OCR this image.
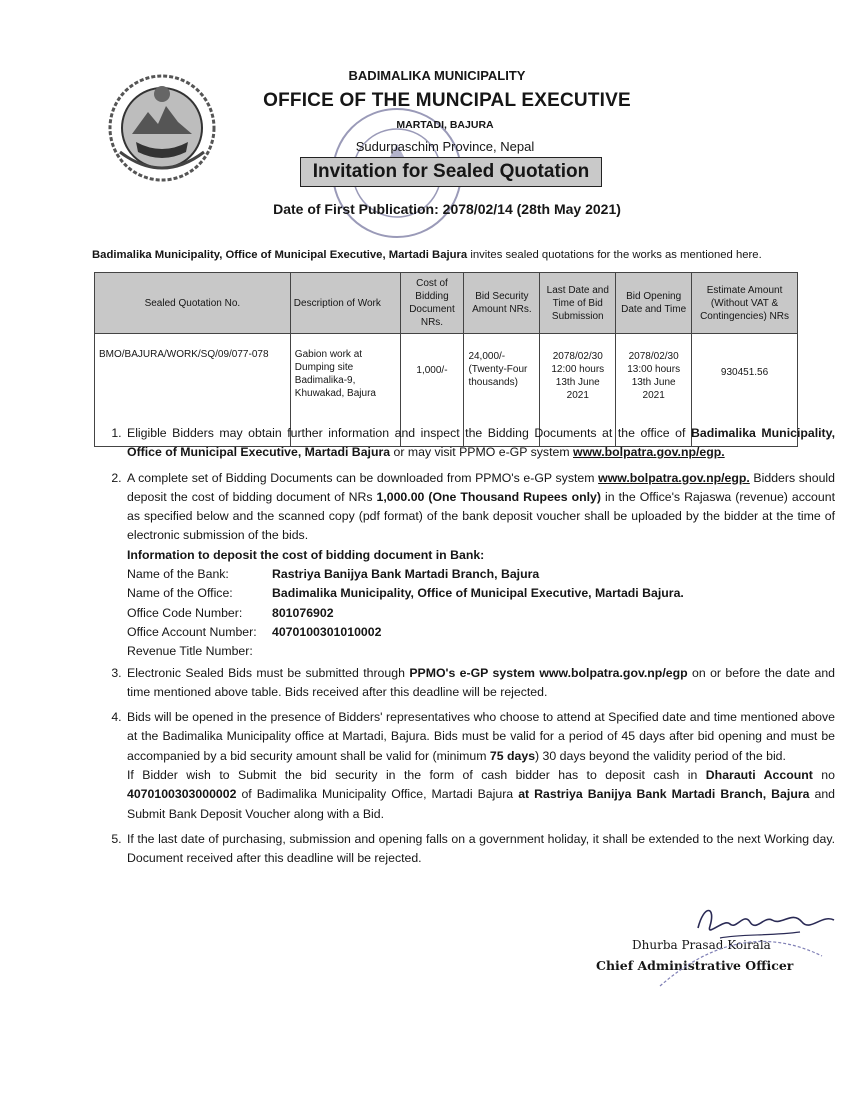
BADIMALIKA MUNICIPALITY
OFFICE OF THE MUNCIPAL EXECUTIVE
MARTADI, BAJURA
Sudurpaschim Province, Nepal
Invitation for Sealed Quotation
Date of First Publication: 2078/02/14 (28th May 2021)
Badimalika Municipality, Office of Municipal Executive, Martadi Bajura invites sealed quotations for the works as mentioned here.
Sealed Quotation No.	Description of Work	Cost of Bidding Document NRs.	Bid Security Amount NRs.	Last Date and Time of Bid Submission	Bid Opening Date and Time	Estimate Amount (Without VAT & Contingencies) NRs
BMO/BAJURA/WORK/SQ/09/077-078	Gabion work at Dumping site Badimalika-9, Khuwakad, Bajura	1,000/-	24,000/- (Twenty-Four thousands)	2078/02/30 12:00 hours 13th June 2021	2078/02/30 13:00 hours 13th June 2021	930451.56
1. Eligible Bidders may obtain further information and inspect the Bidding Documents at the office of Badimalika Municipality, Office of Municipal Executive, Martadi Bajura or may visit PPMO e-GP system www.bolpatra.gov.np/egp.
2. A complete set of Bidding Documents can be downloaded from PPMO's e-GP system www.bolpatra.gov.np/egp. Bidders should deposit the cost of bidding document of NRs 1,000.00 (One Thousand Rupees only) in the Office's Rajaswa (revenue) account as specified below and the scanned copy (pdf format) of the bank deposit voucher shall be uploaded by the bidder at the time of electronic submission of the bids.
Information to deposit the cost of bidding document in Bank:
Name of the Bank:	Rastriya Banijya Bank Martadi Branch, Bajura
Name of the Office:	Badimalika Municipality, Office of Municipal Executive, Martadi Bajura.
Office Code Number:	801076902
Office Account Number:	4070100301010002
Revenue Title Number:
3. Electronic Sealed Bids must be submitted through PPMO's e-GP system www.bolpatra.gov.np/egp on or before the date and time mentioned above table. Bids received after this deadline will be rejected.
4. Bids will be opened in the presence of Bidders' representatives who choose to attend at Specified date and time mentioned above at the Badimalika Municipality office at Martadi, Bajura. Bids must be valid for a period of 45 days after bid opening and must be accompanied by a bid security amount shall be valid for (minimum 75 days) 30 days beyond the validity period of the bid.
If Bidder wish to Submit the bid security in the form of cash bidder has to deposit cash in Dharauti Account no 4070100303000002 of Badimalika Municipality Office, Martadi Bajura at Rastriya Banijya Bank Martadi Branch, Bajura and Submit Bank Deposit Voucher along with a Bid.
5. If the last date of purchasing, submission and opening falls on a government holiday, it shall be extended to the next Working day. Document received after this deadline will be rejected.
Dhurba Prasad Koirala
Chief Administrative Officer
